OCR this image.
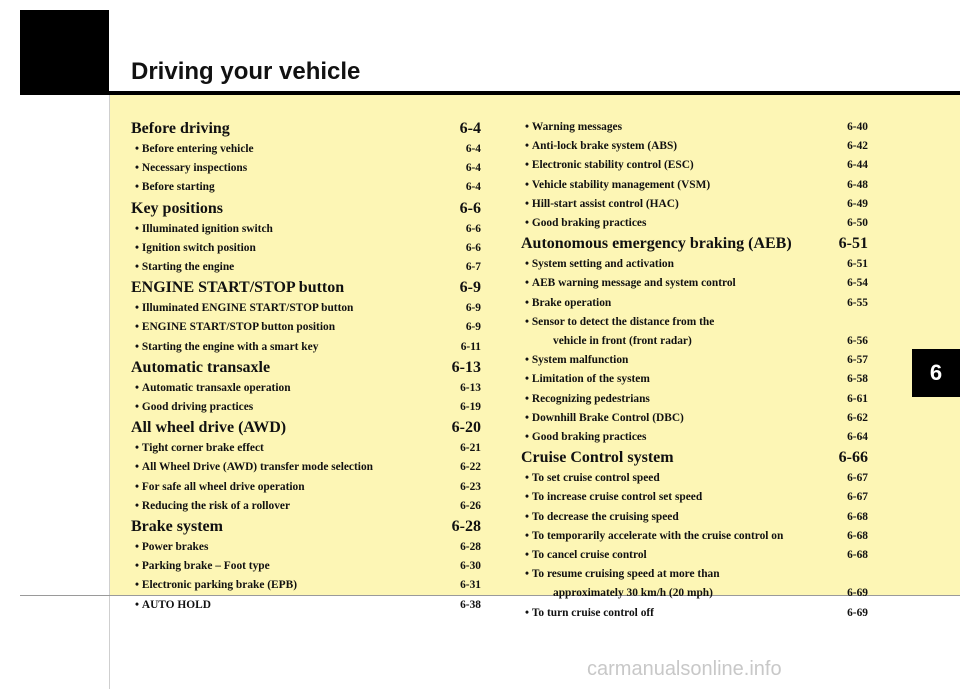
Driving your vehicle
6
Before driving	6-4
• Before entering vehicle	6-4
• Necessary inspections	6-4
• Before starting	6-4
Key positions	6-6
• Illuminated ignition switch	6-6
• Ignition switch position	6-6
• Starting the engine	6-7
ENGINE START/STOP button	6-9
• Illuminated ENGINE START/STOP button	6-9
• ENGINE START/STOP button position	6-9
• Starting the engine with a smart key	6-11
Automatic transaxle	6-13
• Automatic transaxle operation	6-13
• Good driving practices	6-19
All wheel drive (AWD)	6-20
• Tight corner brake effect	6-21
• All Wheel Drive (AWD) transfer mode selection	6-22
• For safe all wheel drive operation	6-23
• Reducing the risk of a rollover	6-26
Brake system	6-28
• Power brakes	6-28
• Parking brake – Foot type	6-30
• Electronic parking brake (EPB)	6-31
• AUTO HOLD	6-38
• Warning messages	6-40
• Anti-lock brake system (ABS)	6-42
• Electronic stability control (ESC)	6-44
• Vehicle stability management (VSM)	6-48
• Hill-start assist control (HAC)	6-49
• Good braking practices	6-50
Autonomous emergency braking (AEB)	6-51
• System setting and activation	6-51
• AEB warning message and system control	6-54
• Brake operation	6-55
• Sensor to detect the distance from the
vehicle in front (front radar)	6-56
• System malfunction	6-57
• Limitation of the system	6-58
• Recognizing pedestrians	6-61
• Downhill Brake Control (DBC)	6-62
• Good braking practices	6-64
Cruise Control system	6-66
• To set cruise control speed	6-67
• To increase cruise control set speed	6-67
• To decrease the cruising speed	6-68
• To temporarily accelerate with the cruise control on	6-68
• To cancel cruise control	6-68
• To resume cruising speed at more than
approximately 30 km/h (20 mph)	6-69
• To turn cruise control off	6-69
carmanualsonline.info
